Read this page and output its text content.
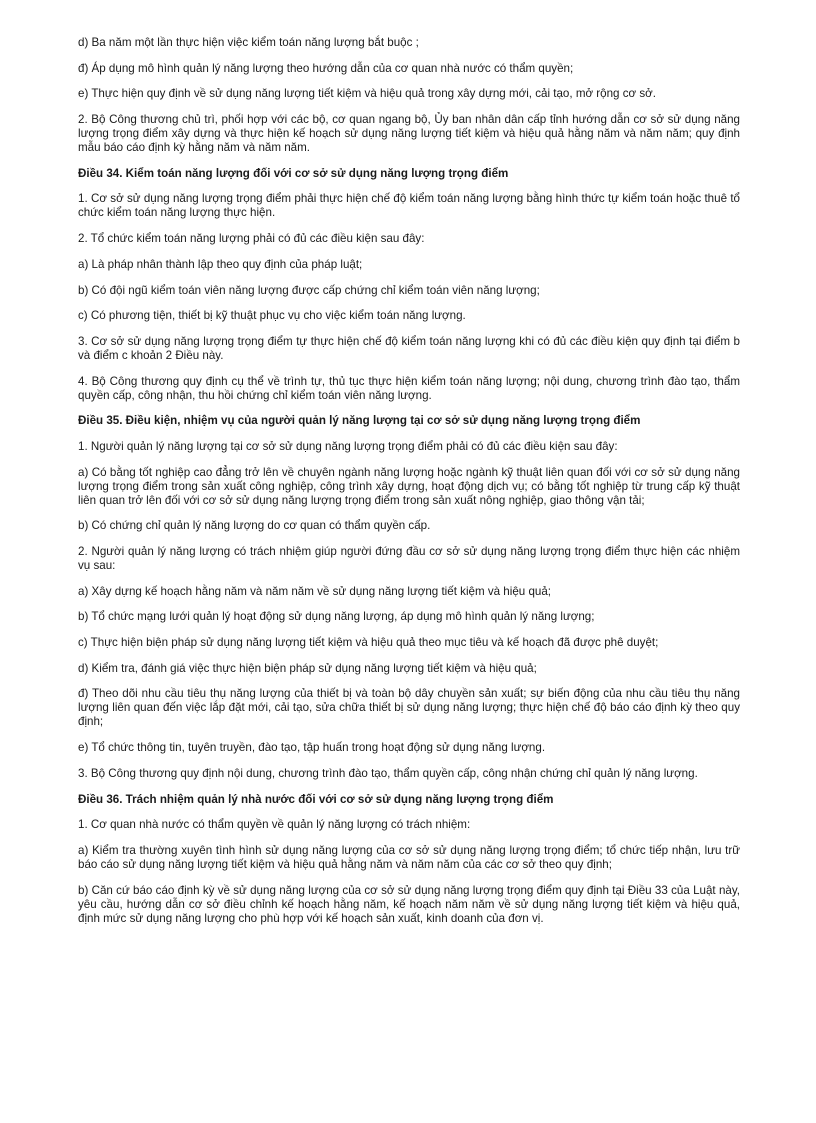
d) Ba năm một lần thực hiện việc kiểm toán năng lượng bắt buộc ;

đ) Áp dụng mô hình quản lý năng lượng theo hướng dẫn của cơ quan nhà nước có thẩm quyền;

e) Thực hiện quy định về sử dụng năng lượng tiết kiệm và hiệu quả trong xây dựng mới, cải tạo, mở rộng cơ sở.

2. Bộ Công thương chủ trì, phối hợp với các bộ, cơ quan ngang bộ, Ủy ban nhân dân cấp tỉnh hướng dẫn cơ sở sử dụng năng lượng trọng điểm xây dựng và thực hiện kế hoạch sử dụng năng lượng tiết kiệm và hiệu quả hằng năm và năm năm; quy định mẫu báo cáo định kỳ hằng năm và năm năm.

Điều 34. Kiểm toán năng lượng đối với cơ sở sử dụng năng lượng trọng điểm

1. Cơ sở sử dụng năng lượng trọng điểm phải thực hiện chế độ kiểm toán năng lượng bằng hình thức tự kiểm toán hoặc thuê tổ chức kiểm toán năng lượng thực hiện.

2. Tổ chức kiểm toán năng lượng phải có đủ các điều kiện sau đây:

a) Là pháp nhân thành lập theo quy định của pháp luật;

b) Có đội ngũ kiểm toán viên năng lượng được cấp chứng chỉ kiểm toán viên năng lượng;

c) Có phương tiện, thiết bị kỹ thuật phục vụ cho việc kiểm toán năng lượng.

3. Cơ sở sử dụng năng lượng trọng điểm tự thực hiện chế độ kiểm toán năng lượng khi có đủ các điều kiện quy định tại điểm b và điểm c khoản 2 Điều này.

4. Bộ Công thương quy định cụ thể về trình tự, thủ tục thực hiện kiểm toán năng lượng; nội dung, chương trình đào tạo, thẩm quyền cấp, công nhận, thu hồi chứng chỉ kiểm toán viên năng lượng.

Điều 35. Điều kiện, nhiệm vụ của người quản lý năng lượng tại cơ sở sử dụng năng lượng trọng điểm

1. Người quản lý năng lượng tại cơ sở sử dụng năng lượng trọng điểm phải có đủ các điều kiện sau đây:

a) Có bằng tốt nghiệp cao đẳng trở lên về chuyên ngành năng lượng hoặc ngành kỹ thuật liên quan đối với cơ sở sử dụng năng lượng trọng điểm trong sản xuất công nghiệp, công trình xây dựng, hoạt động dịch vụ; có bằng tốt nghiệp từ trung cấp kỹ thuật liên quan trở lên đối với cơ sở sử dụng năng lượng trọng điểm trong sản xuất nông nghiệp, giao thông vận tải;

b) Có chứng chỉ quản lý năng lượng do cơ quan có thẩm quyền cấp.

2. Người quản lý năng lượng có trách nhiệm giúp người đứng đầu cơ sở sử dụng năng lượng trọng điểm thực hiện các nhiệm vụ sau:

a) Xây dựng kế hoạch hằng năm và năm năm về sử dụng năng lượng tiết kiệm và hiệu quả;

b) Tổ chức mạng lưới quản lý hoạt động sử dụng năng lượng, áp dụng mô hình quản lý năng lượng;

c) Thực hiện biện pháp sử dụng năng lượng tiết kiệm và hiệu quả theo mục tiêu và kế hoạch đã được phê duyệt;

d) Kiểm tra, đánh giá việc thực hiện biện pháp sử dụng năng lượng tiết kiệm và hiệu quả;

đ) Theo dõi nhu cầu tiêu thụ năng lượng của thiết bị và toàn bộ dây chuyền sản xuất; sự biến động của nhu cầu tiêu thụ năng lượng liên quan đến việc lắp đặt mới, cải tạo, sửa chữa thiết bị sử dụng năng lượng; thực hiện chế độ báo cáo định kỳ theo quy định;

e) Tổ chức thông tin, tuyên truyền, đào tạo, tập huấn trong hoạt động sử dụng năng lượng.

3. Bộ Công thương quy định nội dung, chương trình đào tạo, thẩm quyền cấp, công nhận chứng chỉ quản lý năng lượng.

Điều 36. Trách nhiệm quản lý nhà nước đối với cơ sở sử dụng năng lượng trọng điểm

1. Cơ quan nhà nước có thẩm quyền về quản lý năng lượng có trách nhiệm:

a) Kiểm tra thường xuyên tình hình sử dụng năng lượng của cơ sở sử dụng năng lượng trọng điểm; tổ chức tiếp nhận, lưu trữ báo cáo sử dụng năng lượng tiết kiệm và hiệu quả hằng năm và năm năm của các cơ sở theo quy định;

b) Căn cứ báo cáo định kỳ về sử dụng năng lượng của cơ sở sử dụng năng lượng trọng điểm quy định tại Điều 33 của Luật này, yêu cầu, hướng dẫn cơ sở điều chỉnh kế hoạch hằng năm, kế hoạch năm năm về sử dụng năng lượng tiết kiệm và hiệu quả, định mức sử dụng năng lượng cho phù hợp với kế hoạch sản xuất, kinh doanh của đơn vị.
